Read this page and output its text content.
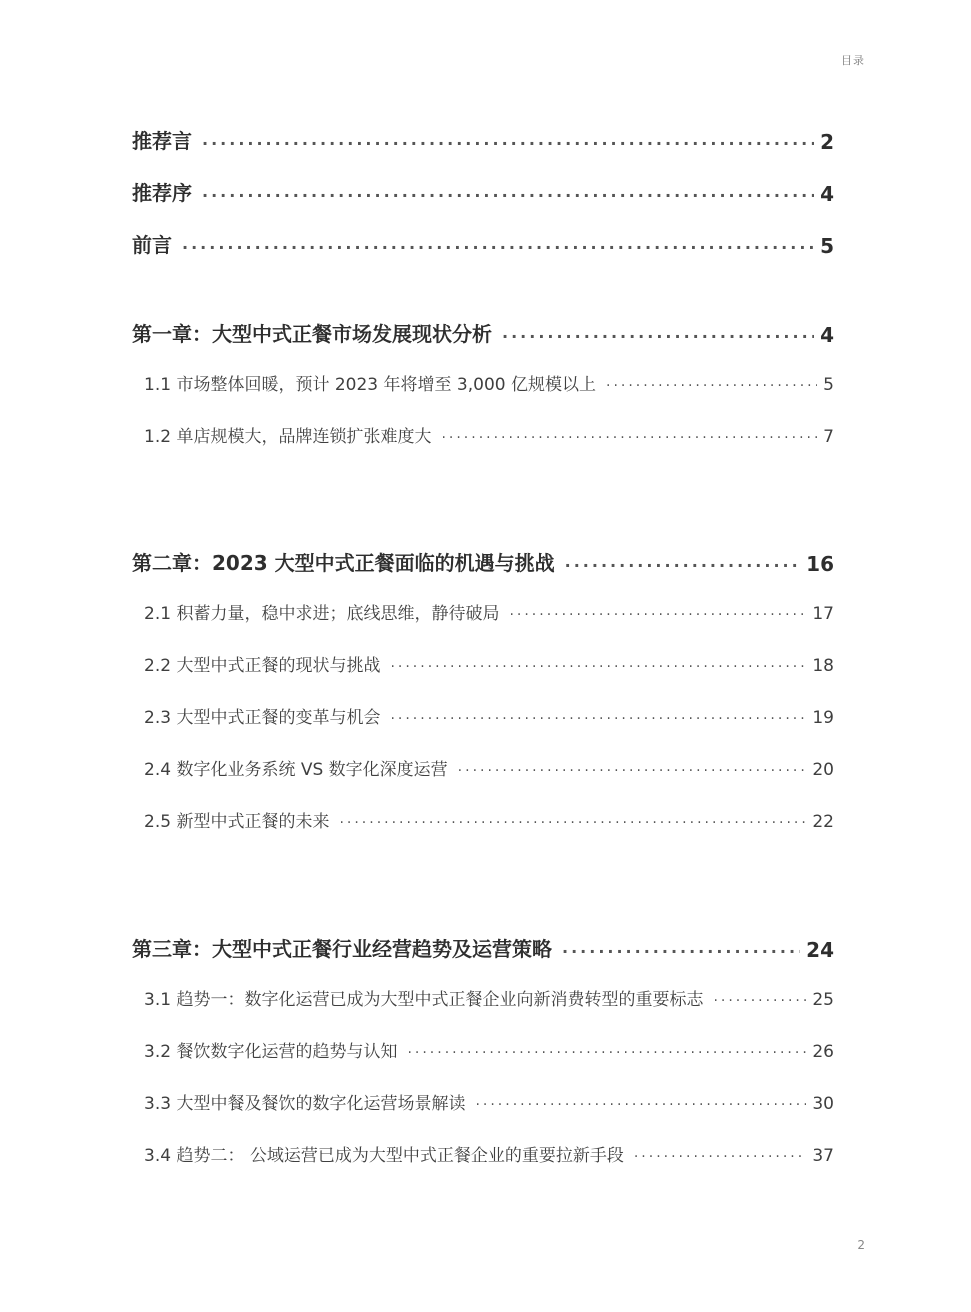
目录
推荐言 ·····	2
推荐序 ·····	4
前言 ·····	5
第一章：大型中式正餐市场发展现状分析 ·····	4
1.1 市场整体回暖，预计 2023 年将增至 3,000 亿规模以上 ·····	5
1.2 单店规模大，品牌连锁扩张难度大 ·····	7
第二章：2023 大型中式正餐面临的机遇与挑战 ·····	16
2.1 积蓄力量，稳中求进；底线思维，静待破局 ·····	17
2.2 大型中式正餐的现状与挑战 ·····	18
2.3 大型中式正餐的变革与机会 ·····	19
2.4 数字化业务系统 VS 数字化深度运营 ·····	20
2.5 新型中式正餐的未来 ·····	22
第三章：大型中式正餐行业经营趋势及运营策略 ·····	24
3.1 趋势一：数字化运营已成为大型中式正餐企业向新消费转型的重要标志 ·····	25
3.2 餐饮数字化运营的趋势与认知 ·····	26
3.3 大型中餐及餐饮的数字化运营场景解读 ·····	30
3.4 趋势二： 公域运营已成为大型中式正餐企业的重要拉新手段 ·····	37
2
